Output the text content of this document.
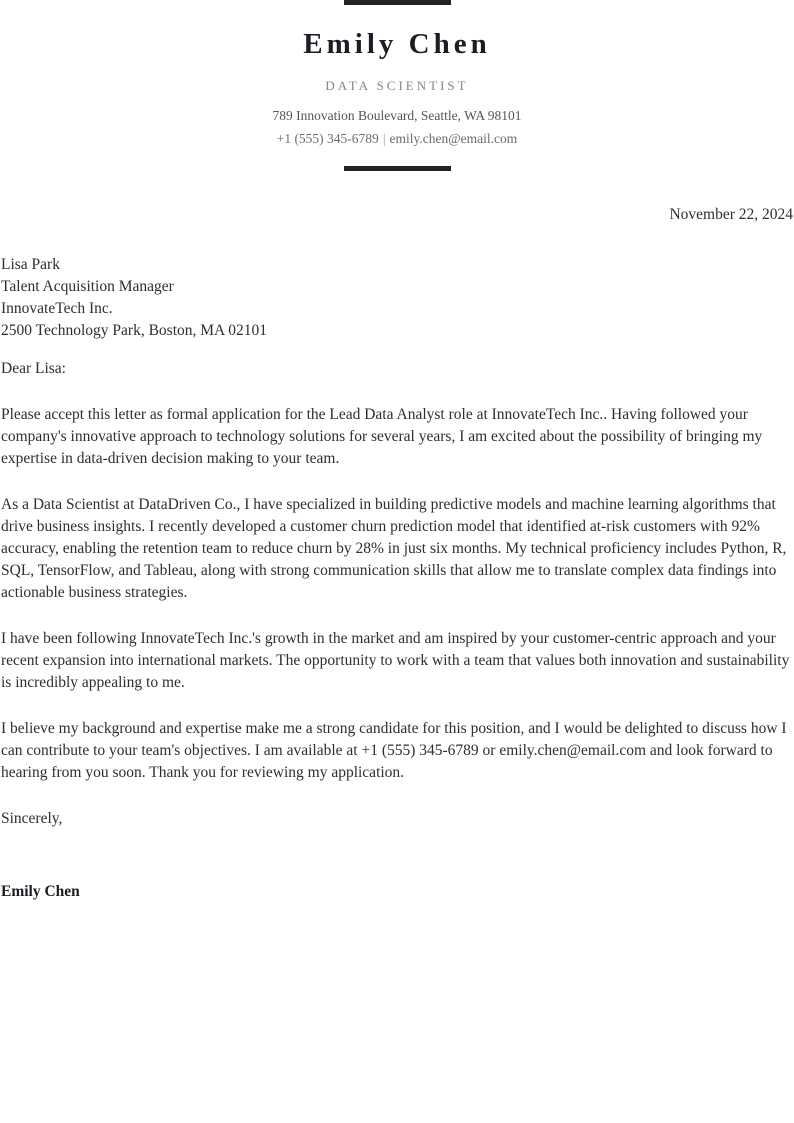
Emily Chen
DATA SCIENTIST
789 Innovation Boulevard, Seattle, WA 98101
+1 (555) 345-6789 | emily.chen@email.com
November 22, 2024
Lisa Park
Talent Acquisition Manager
InnovateTech Inc.
2500 Technology Park, Boston, MA 02101
Dear Lisa:

Please accept this letter as formal application for the Lead Data Analyst role at InnovateTech Inc.. Having followed your company's innovative approach to technology solutions for several years, I am excited about the possibility of bringing my expertise in data-driven decision making to your team.

As a Data Scientist at DataDriven Co., I have specialized in building predictive models and machine learning algorithms that drive business insights. I recently developed a customer churn prediction model that identified at-risk customers with 92% accuracy, enabling the retention team to reduce churn by 28% in just six months. My technical proficiency includes Python, R, SQL, TensorFlow, and Tableau, along with strong communication skills that allow me to translate complex data findings into actionable business strategies.

I have been following InnovateTech Inc.'s growth in the market and am inspired by your customer-centric approach and your recent expansion into international markets. The opportunity to work with a team that values both innovation and sustainability is incredibly appealing to me.

I believe my background and expertise make me a strong candidate for this position, and I would be delighted to discuss how I can contribute to your team's objectives. I am available at +1 (555) 345-6789 or emily.chen@email.com and look forward to hearing from you soon. Thank you for reviewing my application.

Sincerely,
Emily Chen
